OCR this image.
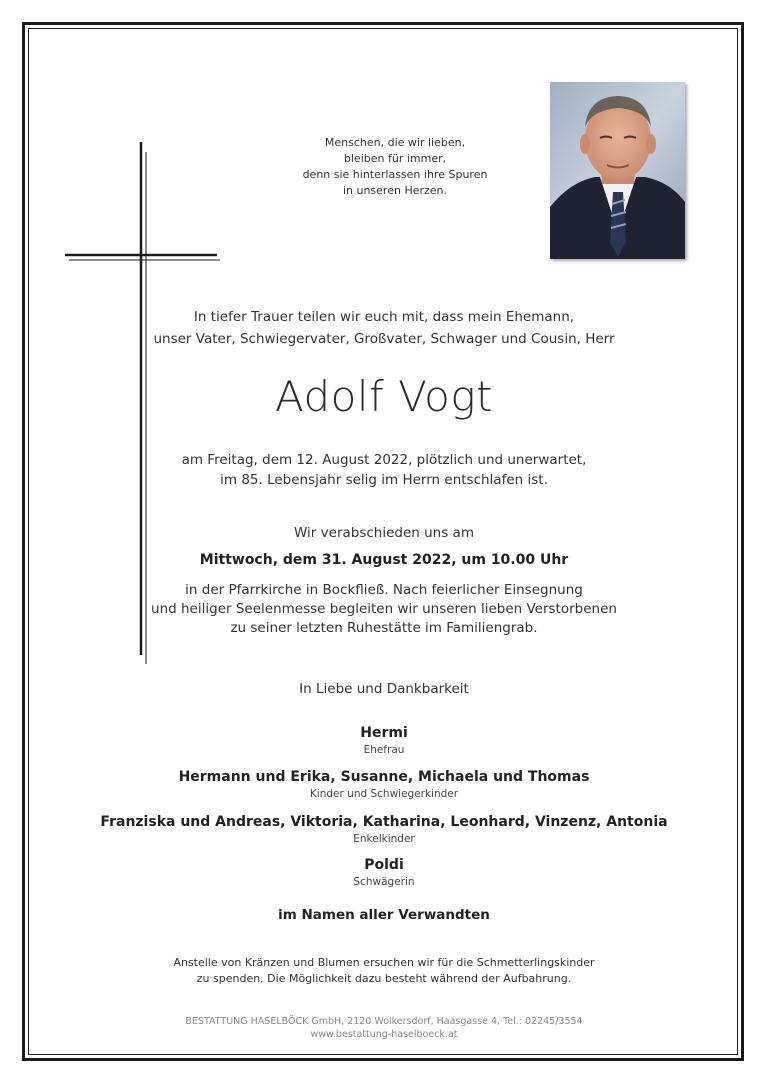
Menschen, die wir lieben,
bleiben für immer,
denn sie hinterlassen ihre Spuren
in unseren Herzen.
In tiefer Trauer teilen wir euch mit, dass mein Ehemann,
unser Vater, Schwiegervater, Großvater, Schwager und Cousin, Herr
Adolf Vogt
am Freitag, dem 12. August 2022, plötzlich und unerwartet,
im 85. Lebensjahr selig im Herrn entschlafen ist.
Wir verabschieden uns am
Mittwoch, dem 31. August 2022, um 10.00 Uhr
in der Pfarrkirche in Bockfließ. Nach feierlicher Einsegnung
und heiliger Seelenmesse begleiten wir unseren lieben Verstorbenen
zu seiner letzten Ruhestätte im Familiengrab.
In Liebe und Dankbarkeit
Hermi
Ehefrau
Hermann und Erika, Susanne, Michaela und Thomas
Kinder und Schwiegerkinder
Franziska und Andreas, Viktoria, Katharina, Leonhard, Vinzenz, Antonia
Enkelkinder
Poldi
Schwägerin
im Namen aller Verwandten
Anstelle von Kränzen und Blumen ersuchen wir für die Schmetterlingskinder
zu spenden. Die Möglichkeit dazu besteht während der Aufbahrung.
BESTATTUNG HASELBÖCK GmbH, 2120 Wolkersdorf, Haasgasse 4, Tel.: 02245/3554
www.bestattung-haselboeck.at
